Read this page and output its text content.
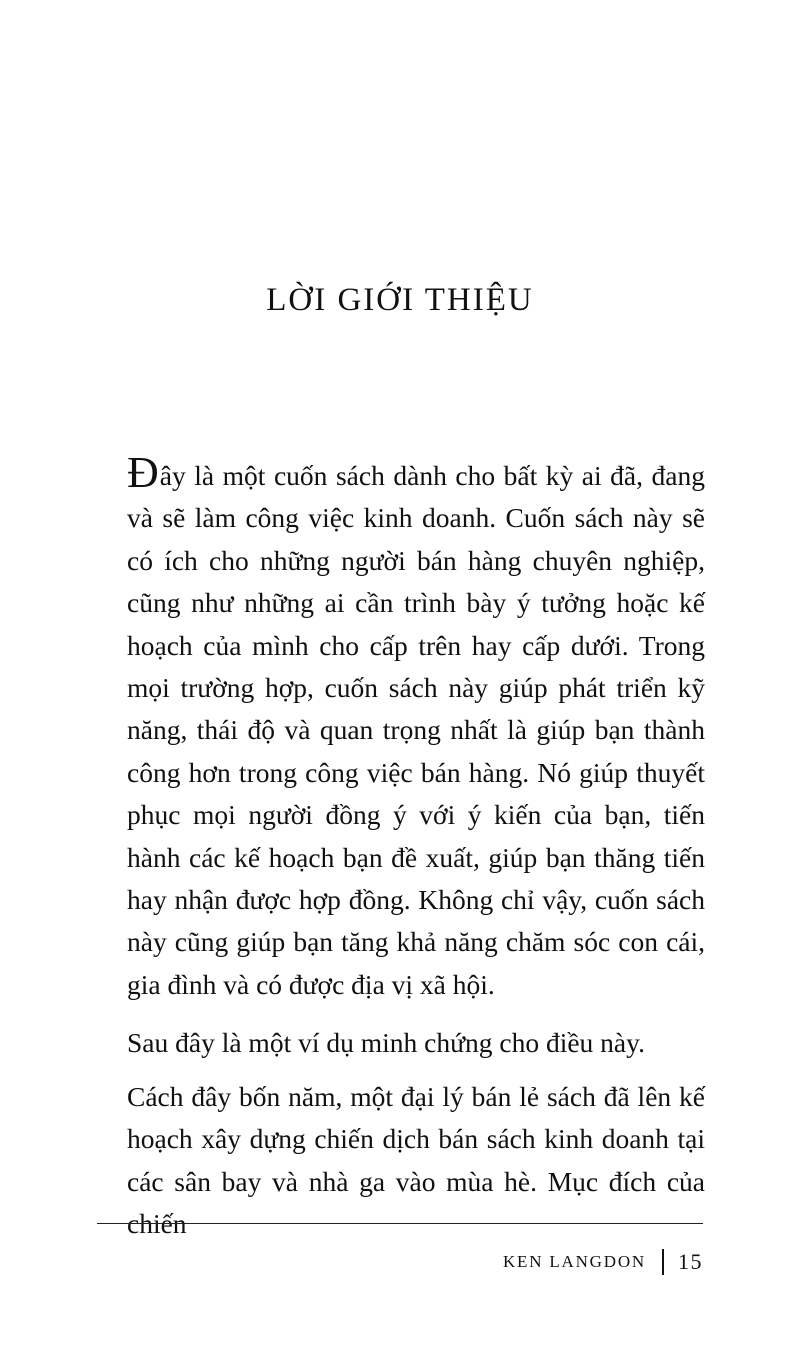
LỜI GIỚI THIỆU

Đây là một cuốn sách dành cho bất kỳ ai đã, đang và sẽ làm công việc kinh doanh. Cuốn sách này sẽ có ích cho những người bán hàng chuyên nghiệp, cũng như những ai cần trình bày ý tưởng hoặc kế hoạch của mình cho cấp trên hay cấp dưới. Trong mọi trường hợp, cuốn sách này giúp phát triển kỹ năng, thái độ và quan trọng nhất là giúp bạn thành công hơn trong công việc bán hàng. Nó giúp thuyết phục mọi người đồng ý với ý kiến của bạn, tiến hành các kế hoạch bạn đề xuất, giúp bạn thăng tiến hay nhận được hợp đồng. Không chỉ vậy, cuốn sách này cũng giúp bạn tăng khả năng chăm sóc con cái, gia đình và có được địa vị xã hội.

Sau đây là một ví dụ minh chứng cho điều này.

Cách đây bốn năm, một đại lý bán lẻ sách đã lên kế hoạch xây dựng chiến dịch bán sách kinh doanh tại các sân bay và nhà ga vào mùa hè. Mục đích của chiến

KEN LANGDON 15
